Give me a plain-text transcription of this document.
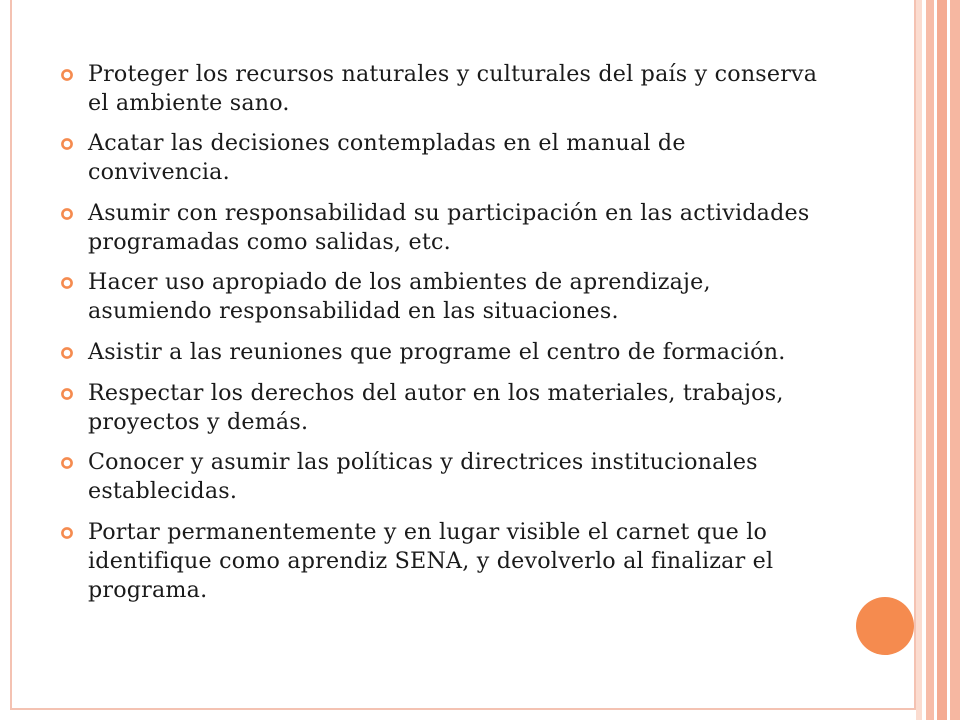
Proteger los recursos naturales y culturales del país y conserva el ambiente sano.
Acatar las decisiones contempladas en el manual de convivencia.
Asumir con responsabilidad su participación en las actividades programadas como salidas, etc.
Hacer uso apropiado de los ambientes de aprendizaje, asumiendo responsabilidad en las situaciones.
Asistir a las reuniones que programe el centro de formación.
Respectar los derechos del autor en los materiales, trabajos, proyectos y demás.
Conocer y asumir las políticas y directrices institucionales establecidas.
Portar permanentemente y en lugar visible el carnet que lo identifique como aprendiz SENA, y devolverlo al finalizar el programa.
